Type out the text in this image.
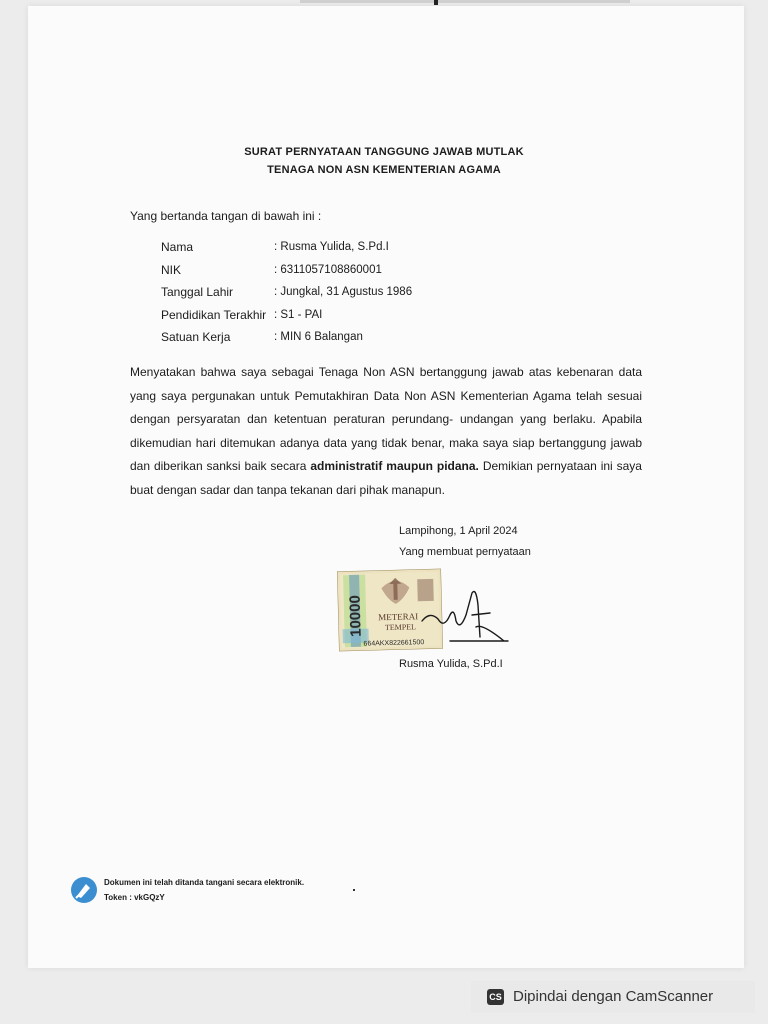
SURAT PERNYATAAN TANGGUNG JAWAB MUTLAK
TENAGA NON ASN KEMENTERIAN AGAMA
Yang bertanda tangan di bawah ini :
Nama	: Rusma Yulida, S.Pd.I
NIK	: 6311057108860001
Tanggal Lahir	: Jungkal, 31 Agustus 1986
Pendidikan Terakhir : S1 - PAI
Satuan Kerja	: MIN 6 Balangan

Menyatakan bahwa saya sebagai Tenaga Non ASN bertanggung jawab atas kebenaran data yang saya pergunakan untuk Pemutakhiran Data Non ASN Kementerian Agama telah sesuai dengan persyaratan dan ketentuan peraturan perundang- undangan yang berlaku. Apabila dikemudian hari ditemukan adanya data yang tidak benar, maka saya siap bertanggung jawab dan diberikan sanksi baik secara administratif maupun pidana. Demikian pernyataan ini saya buat dengan sadar dan tanpa tekanan dari pihak manapun.

Lampihong, 1 April 2024
Yang membuat pernyataan
10000 METERAI
TEMPEL
664AKX822661500
Rusma Yulida, S.Pd.I
Dokumen ini telah ditanda tangani secara elektronik.
Token : vkGQzY
CS Dipindai dengan CamScanner
